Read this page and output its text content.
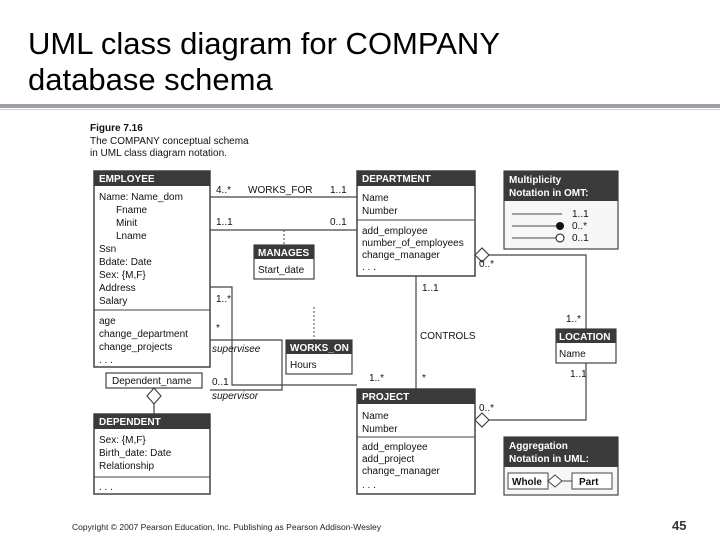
UML class diagram for COMPANY
database schema
Figure 7.16
The COMPANY conceptual schema
in UML class diagram notation.
EMPLOYEE
Name: Name_dom
Fname
Minit
Lname
Ssn
Bdate: Date
Sex: {M,F}
Address
Salary
age
change_department
change_projects
. . .
Dependent_name
DEPENDENT
Sex: {M,F}
Birth_date: Date
Relationship
. . .
DEPARTMENT
Name
Number
add_employee
number_of_employees
change_manager
. . .
MANAGES
Start_date
WORKS_ON
Hours
PROJECT
Name
Number
add_employee
add_project
change_manager
. . .
LOCATION
Name
4..* WORKS_FOR 1..1
1..1	0..1
1..*
1..*
*
supervisee
0..1
supervisor
1..1
CONTROLS
*
0..*
1..*
1..1
0..*
Multiplicity
Notation in OMT:
1..1
0..*
0..1
Aggregation
Notation in UML:
Whole	Part
Copyright © 2007 Pearson Education, Inc. Publishing as Pearson Addison-Wesley	45
